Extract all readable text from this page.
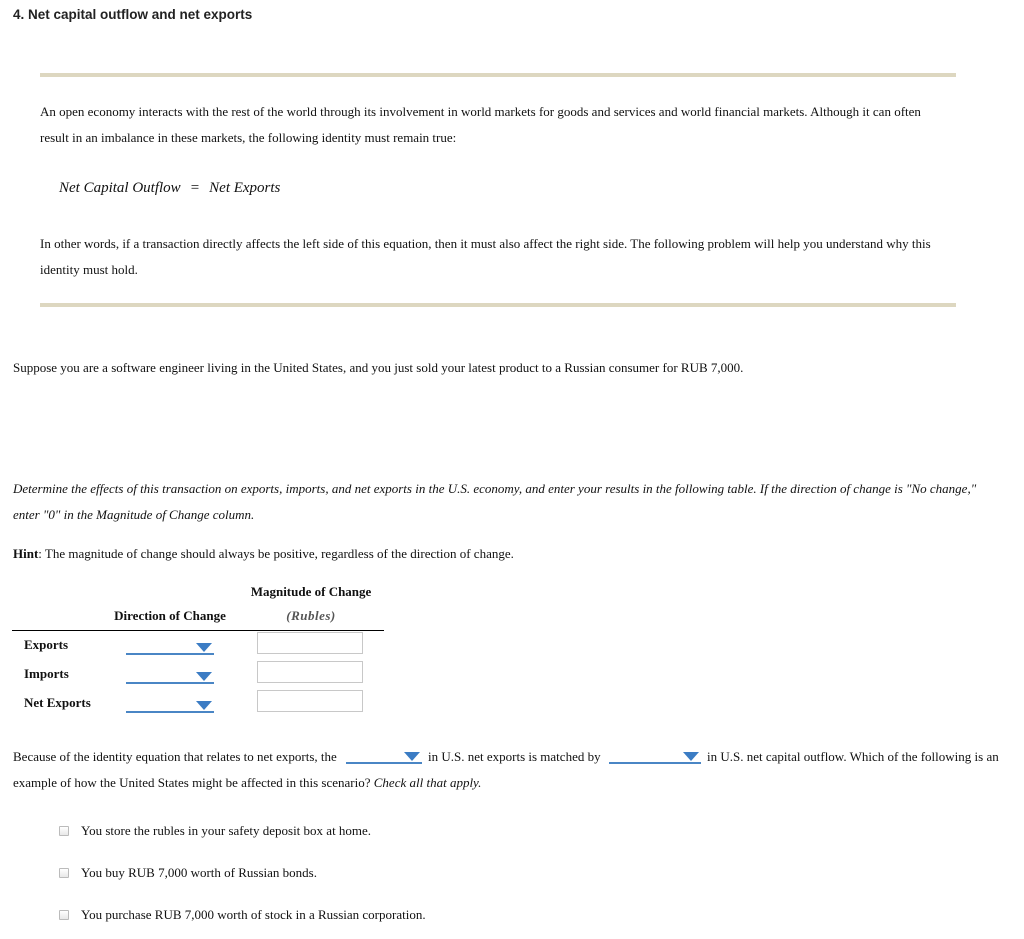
4. Net capital outflow and net exports
An open economy interacts with the rest of the world through its involvement in world markets for goods and services and world financial markets. Although it can often
result in an imbalance in these markets, the following identity must remain true:
Net Capital Outflow = Net Exports
In other words, if a transaction directly affects the left side of this equation, then it must also affect the right side. The following problem will help you understand why this
identity must hold.
Suppose you are a software engineer living in the United States, and you just sold your latest product to a Russian consumer for RUB 7,000.
Determine the effects of this transaction on exports, imports, and net exports in the U.S. economy, and enter your results in the following table. If the direction of change is "No change,"
enter "0" in the Magnitude of Change column.
Hint: The magnitude of change should always be positive, regardless of the direction of change.
Magnitude of Change
(Rubles)
Direction of Change
Exports
Imports
Net Exports
Because of the identity equation that relates to net exports, the	in U.S. net exports is matched by	in U.S. net capital outflow. Which of the following is an
example of how the United States might be affected in this scenario? Check all that apply.
You store the rubles in your safety deposit box at home.
You buy RUB 7,000 worth of Russian bonds.
You purchase RUB 7,000 worth of stock in a Russian corporation.
